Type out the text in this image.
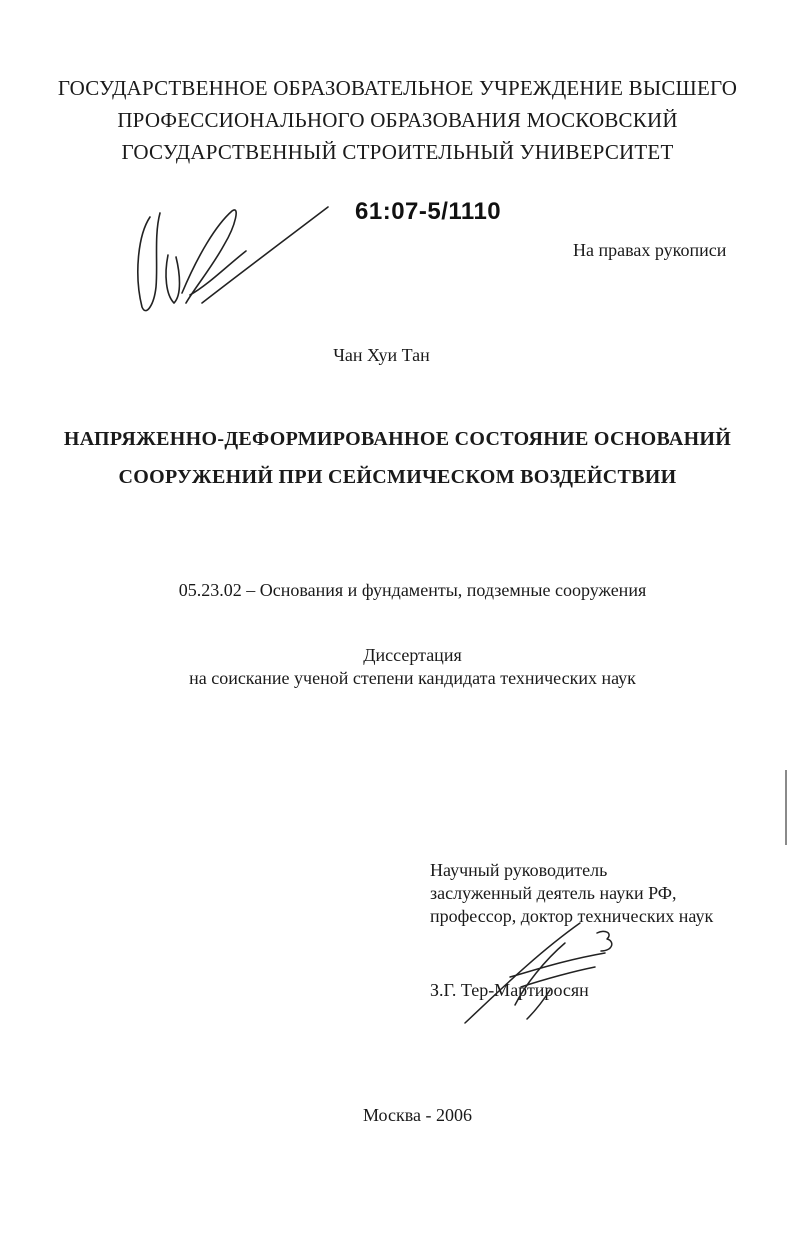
ГОСУДАРСТВЕННОЕ ОБРАЗОВАТЕЛЬНОЕ УЧРЕЖДЕНИЕ ВЫСШЕГО
ПРОФЕССИОНАЛЬНОГО ОБРАЗОВАНИЯ МОСКОВСКИЙ
ГОСУДАРСТВЕННЫЙ СТРОИТЕЛЬНЫЙ УНИВЕРСИТЕТ
61:07-5/1110
На правах рукописи
Чан Хуи Тан
НАПРЯЖЕННО-ДЕФОРМИРОВАННОЕ СОСТОЯНИЕ ОСНОВАНИЙ
СООРУЖЕНИЙ ПРИ СЕЙСМИЧЕСКОМ ВОЗДЕЙСТВИИ
05.23.02 – Основания и фундаменты, подземные сооружения
Диссертация
на соискание ученой степени кандидата технических наук
Научный руководитель
заслуженный деятель науки РФ,
профессор, доктор технических наук
З.Г. Тер-Мартиросян
Москва - 2006
